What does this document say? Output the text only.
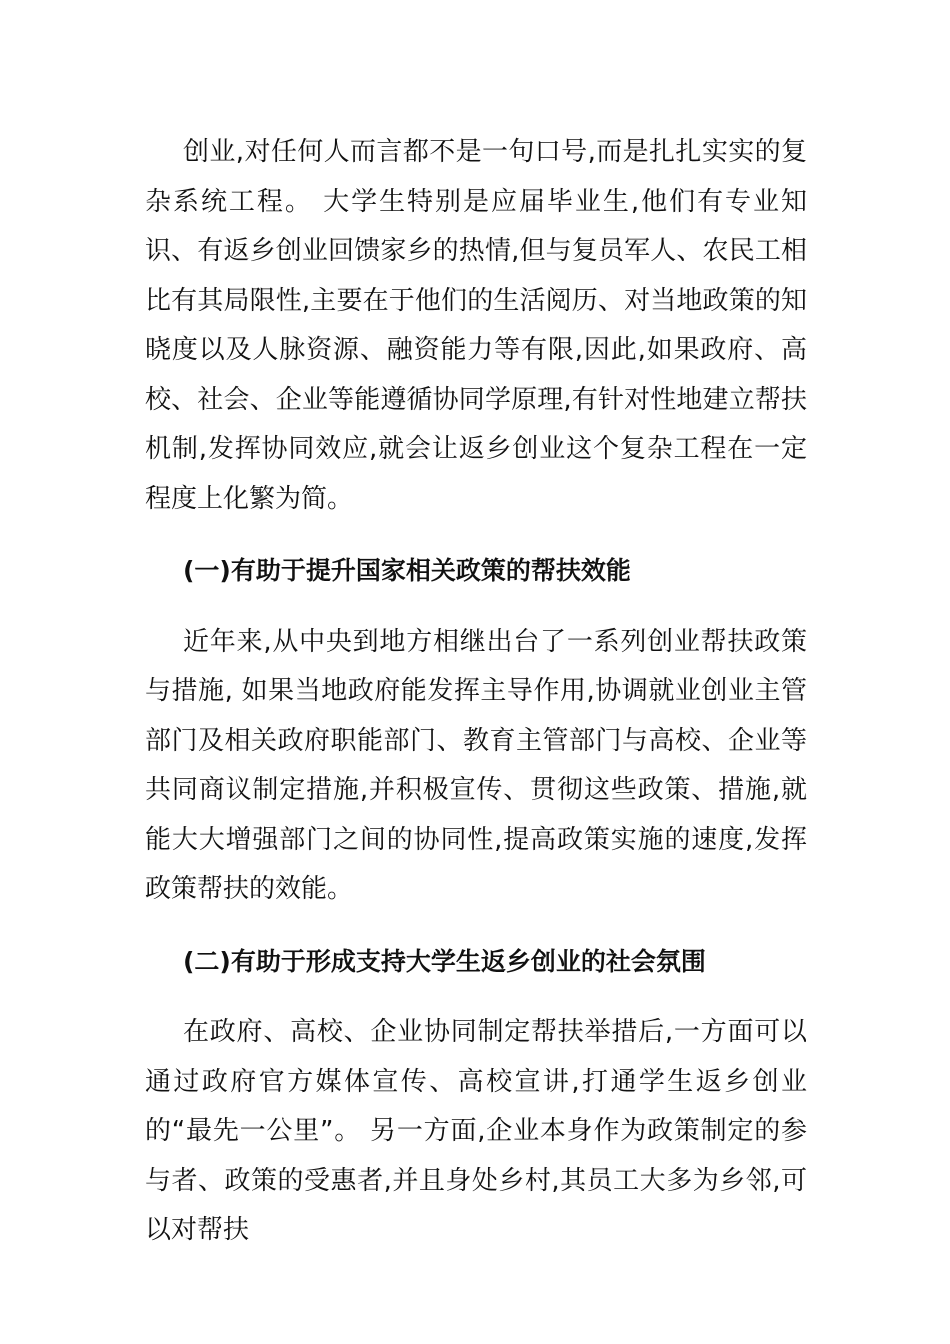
创业,对任何人而言都不是一句口号,而是扎扎实实的复杂系统工程。 大学生特别是应届毕业生,他们有专业知识、有返乡创业回馈家乡的热情,但与复员军人、农民工相比有其局限性,主要在于他们的生活阅历、对当地政策的知晓度以及人脉资源、融资能力等有限,因此,如果政府、高校、社会、企业等能遵循协同学原理,有针对性地建立帮扶机制,发挥协同效应,就会让返乡创业这个复杂工程在一定程度上化繁为简。

(一)有助于提升国家相关政策的帮扶效能

近年来,从中央到地方相继出台了一系列创业帮扶政策与措施, 如果当地政府能发挥主导作用,协调就业创业主管部门及相关政府职能部门、教育主管部门与高校、企业等共同商议制定措施,并积极宣传、贯彻这些政策、措施,就能大大增强部门之间的协同性,提高政策实施的速度,发挥政策帮扶的效能。

(二)有助于形成支持大学生返乡创业的社会氛围

在政府、高校、企业协同制定帮扶举措后,一方面可以通过政府官方媒体宣传、高校宣讲,打通学生返乡创业的“最先一公里”。 另一方面,企业本身作为政策制定的参与者、政策的受惠者,并且身处乡村,其员工大多为乡邻,可以对帮扶
